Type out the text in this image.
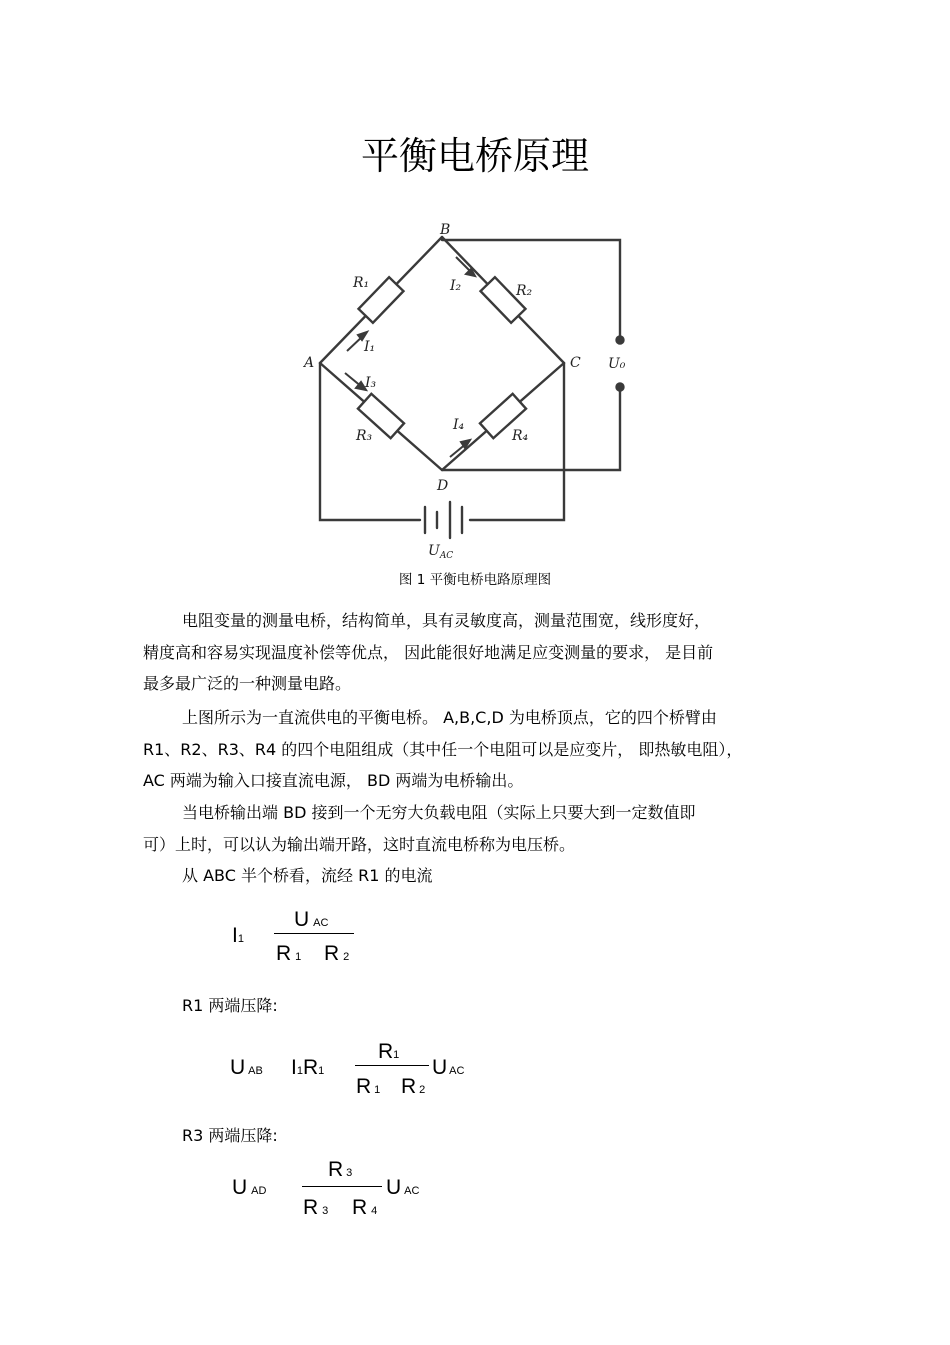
平衡电桥原理
B
A	C
D
R₁	R₂
R₃	R₄
I₁
I₂
I₃
I₄
U₀
$U_{AC}$
图 1 平衡电桥电路原理图
电阻变量的测量电桥，结构简单，具有灵敏度高，测量范围宽，线形度好，
精度高和容易实现温度补偿等优点， 因此能很好地满足应变测量的要求， 是目前
最多最广泛的一种测量电路。
上图所示为一直流供电的平衡电桥。 A,B,C,D 为电桥顶点，它的四个桥臂由
R1、R2、R3、R4 的四个电阻组成（其中任一个电阻可以是应变片， 即热敏电阻），
AC 两端为输入口接直流电源， BD 两端为电桥输出。
当电桥输出端 BD 接到一个无穷大负载电阻（实际上只要大到一定数值即
可）上时，可以认为输出端开路，这时直流电桥称为电压桥。
从 ABC 半个桥看，流经 R1 的电流
I1
UAC
R 1 R 2
R1 两端压降:
UAB I1R1
R1
R 1 R 2
UAC
R3 两端压降:
UAD
R 3
R 3 R 4
UAC
